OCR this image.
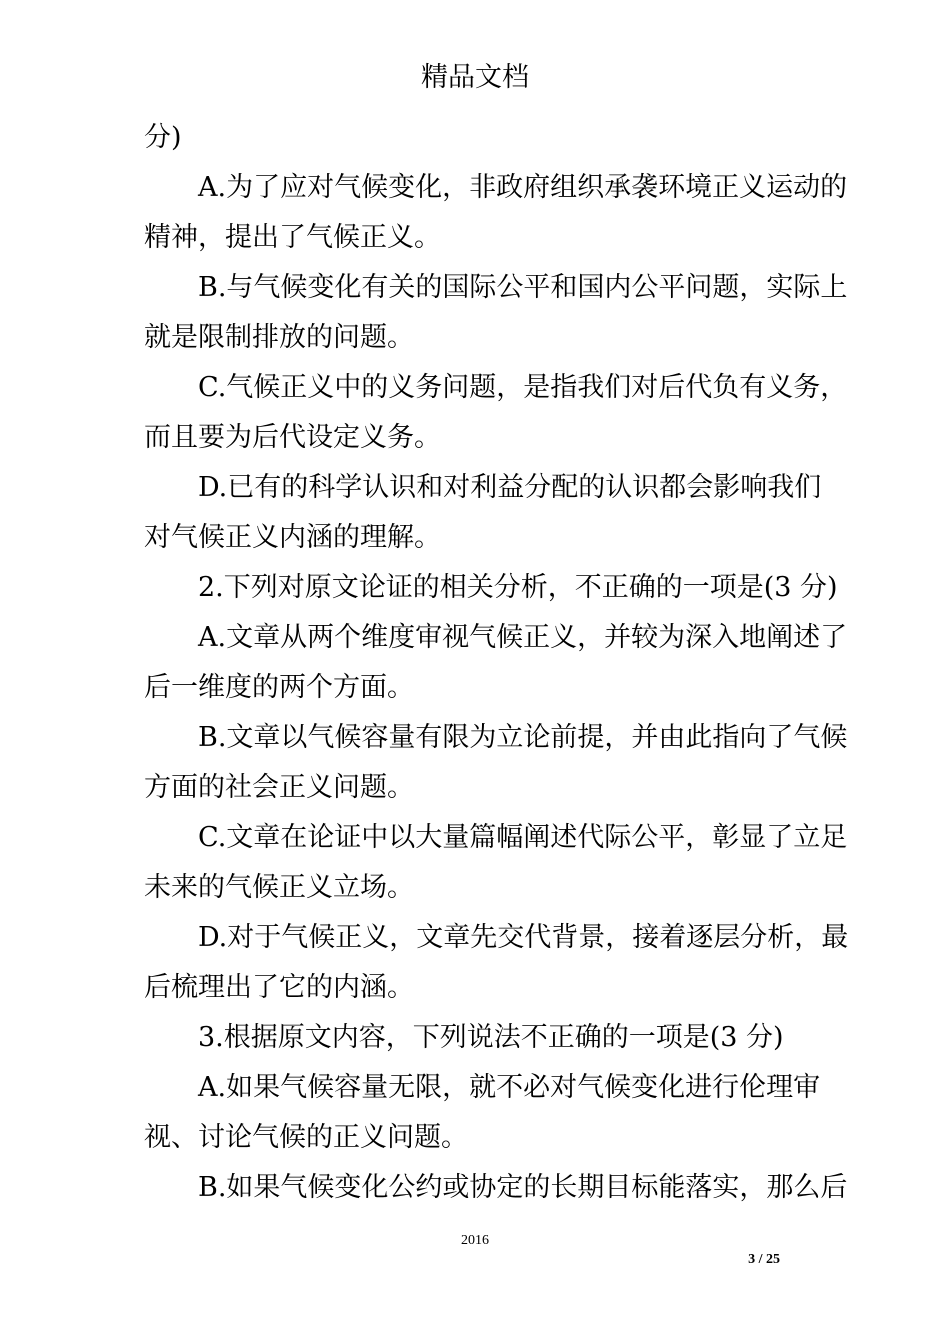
精品文档
分)
A.为了应对气候变化，非政府组织承袭环境正义运动的
精神，提出了气候正义。
B.与气候变化有关的国际公平和国内公平问题，实际上
就是限制排放的问题。
C.气候正义中的义务问题，是指我们对后代负有义务，
而且要为后代设定义务。
D.已有的科学认识和对利益分配的认识都会影响我们
对气候正义内涵的理解。
2.下列对原文论证的相关分析，不正确的一项是(3 分)
A.文章从两个维度审视气候正义，并较为深入地阐述了
后一维度的两个方面。
B.文章以气候容量有限为立论前提，并由此指向了气候
方面的社会正义问题。
C.文章在论证中以大量篇幅阐述代际公平，彰显了立足
未来的气候正义立场。
D.对于气候正义，文章先交代背景，接着逐层分析，最
后梳理出了它的内涵。
3.根据原文内容，下列说法不正确的一项是(3 分)
A.如果气候容量无限，就不必对气候变化进行伦理审
视、讨论气候的正义问题。
B.如果气候变化公约或协定的长期目标能落实，那么后
2016
3 / 25
